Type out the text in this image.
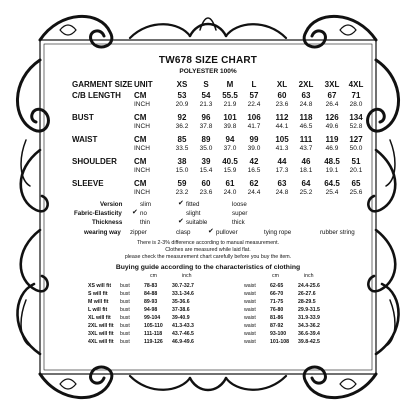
TW678 SIZE CHART
POLYESTER 100%
GARMENT SIZE UNIT	XS	S	M	L	XL	2XL	3XL	4XL
C/B LENGTH CM	53	54	55.5	57	60	63	67	71
INCH	20.9	21.3	21.9	22.4	23.6	24.8	26.4	28.0
BUST	CM	92	96	101	106	112	118	126	134
INCH	36.2	37.8	39.8	41.7	44.1	46.5	49.6	52.8
WAIST	CM	85	89	94	99	105	111	119	127
INCH	33.5	35.0	37.0	39.0	41.3	43.7	46.9	50.0
SHOULDER CM	38	39	40.5	42	44	46	48.5	51
INCH	15.0	15.4	15.9	16.5	17.3	18.1	19.1	20.1
SLEEVE	CM	59	60	61	62	63	64	64.5	65
INCH	23.2	23.6	24.0	24.4	24.8	25.2	25.4	25.6
Version	slim	fitted	loose
Fabric-Elasticity	no	slight	super
Thickness	thin	suitable	thick
wearing way zipper	clasp	pullover	tying rope	rubber string
✔
✔
✔
✔
There is 2-3% difference according to manual measurement.
Clothes are measured while laid flat.
please check the measurement chart carefully before you buy the item.
Buying guide according to the characteristics of clothing
cm	inch	cm	inch
XS will fit bust	78-83	30.7-32.7	waist	62-65	24.4-25.6
S will fit bust	84-88	33.1-34.6	waist	66-70	26-27.6
M will fit bust	89-93	35-36.6	waist	71-75	28-29.5
L will fit bust	94-98	37-38.6	waist	76-80	29.9-31.5
XL will fit bust	99-104 39-40.9	waist	81-86	31.9-33.9
2XL will fit bust	105-110 41.3-43.3	waist	87-92	34.3-36.2
3XL will fit bust	111-118 43.7-46.5	waist	93-100 36.6-39.4
4XL will fit bust	119-126 46.9-49.6	waist	101-108 39.8-42.5
